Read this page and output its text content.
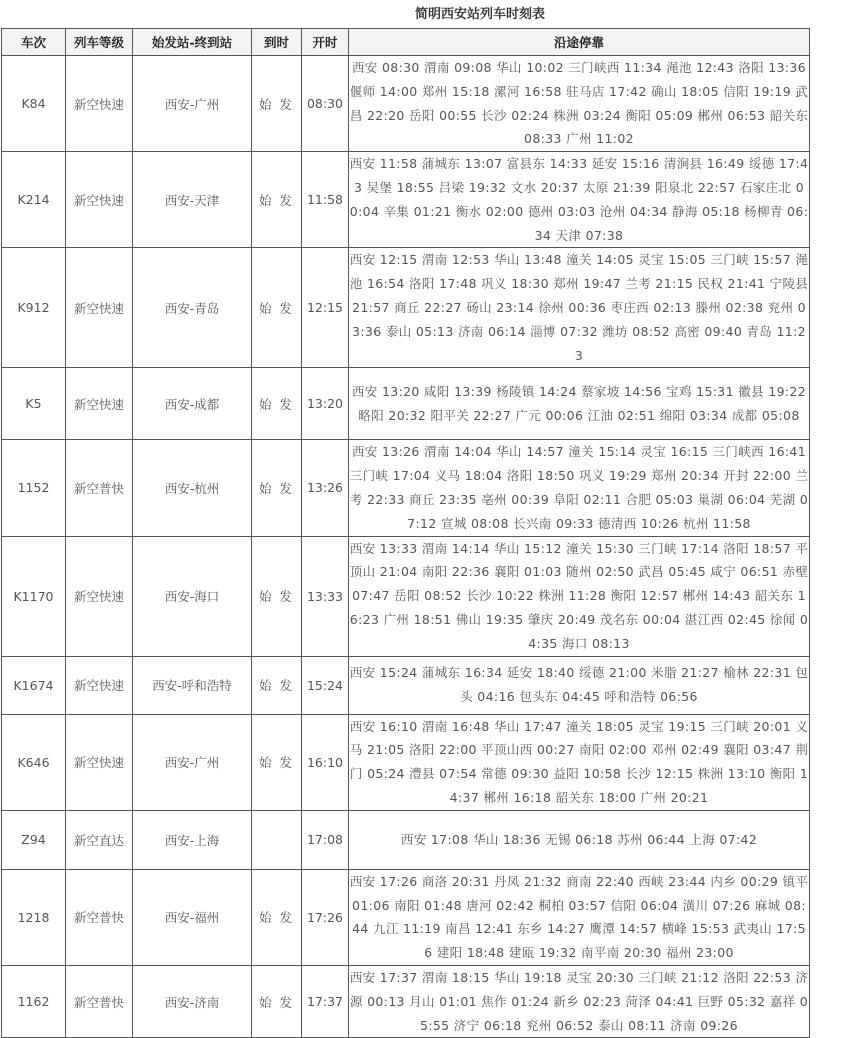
简明西安站列车时刻表
车次	列车等级	始发站-终到站	到时	开时	沿途停靠
K84	新空快速	西安-广州	始 发	08:30	西安 08:30 渭南 09:08 华山 10:02 三门峡西 11:34 渑池 12:43 洛阳 13:36 偃师 14:00 郑州 15:18 漯河 16:58 驻马店 17:42 确山 18:05 信阳 19:19 武昌 22:20 岳阳 00:55 长沙 02:24 株洲 03:24 衡阳 05:09 郴州 06:53 韶关东 08:33 广州 11:02
K214	新空快速	西安-天津	始 发	11:58	西安 11:58 蒲城东 13:07 富县东 14:33 延安 15:16 清涧县 16:49 绥德 17:43 吴堡 18:55 吕梁 19:32 文水 20:37 太原 21:39 阳泉北 22:57 石家庄北 00:04 辛集 01:21 衡水 02:00 德州 03:03 沧州 04:34 静海 05:18 杨柳青 06:34 天津 07:38
K912	新空快速	西安-青岛	始 发	12:15	西安 12:15 渭南 12:53 华山 13:48 潼关 14:05 灵宝 15:05 三门峡 15:57 渑池 16:54 洛阳 17:48 巩义 18:30 郑州 19:47 兰考 21:15 民权 21:41 宁陵县 21:57 商丘 22:27 砀山 23:14 徐州 00:36 枣庄西 02:13 滕州 02:38 兖州 03:36 泰山 05:13 济南 06:14 淄博 07:32 潍坊 08:52 高密 09:40 青岛 11:23
K5	新空快速	西安-成都	始 发	13:20	西安 13:20 咸阳 13:39 杨陵镇 14:24 蔡家坡 14:56 宝鸡 15:31 徽县 19:22 略阳 20:32 阳平关 22:27 广元 00:06 江油 02:51 绵阳 03:34 成都 05:08
1152	新空普快	西安-杭州	始 发	13:26	西安 13:26 渭南 14:04 华山 14:57 潼关 15:14 灵宝 16:15 三门峡西 16:41 三门峡 17:04 义马 18:04 洛阳 18:50 巩义 19:29 郑州 20:34 开封 22:00 兰考 22:33 商丘 23:35 亳州 00:39 阜阳 02:11 合肥 05:03 巢湖 06:04 芜湖 07:12 宣城 08:08 长兴南 09:33 德清西 10:26 杭州 11:58
K1170	新空快速	西安-海口	始 发	13:33	西安 13:33 渭南 14:14 华山 15:12 潼关 15:30 三门峡 17:14 洛阳 18:57 平顶山 21:04 南阳 22:36 襄阳 01:03 随州 02:50 武昌 05:45 咸宁 06:51 赤壁 07:47 岳阳 08:52 长沙 10:22 株洲 11:28 衡阳 12:57 郴州 14:43 韶关东 16:23 广州 18:51 佛山 19:35 肇庆 20:49 茂名东 00:04 湛江西 02:45 徐闻 04:35 海口 08:13
K1674	新空快速	西安-呼和浩特	始 发	15:24	西安 15:24 蒲城东 16:34 延安 18:40 绥德 21:00 米脂 21:27 榆林 22:31 包头 04:16 包头东 04:45 呼和浩特 06:56
K646	新空快速	西安-广州	始 发	16:10	西安 16:10 渭南 16:48 华山 17:47 潼关 18:05 灵宝 19:15 三门峡 20:01 义马 21:05 洛阳 22:00 平顶山西 00:27 南阳 02:00 邓州 02:49 襄阳 03:47 荆门 05:24 澧县 07:54 常德 09:30 益阳 10:58 长沙 12:15 株洲 13:10 衡阳 14:37 郴州 16:18 韶关东 18:00 广州 20:21
Z94	新空直达	西安-上海		17:08	西安 17:08 华山 18:36 无锡 06:18 苏州 06:44 上海 07:42
1218	新空普快	西安-福州	始 发	17:26	西安 17:26 商洛 20:31 丹凤 21:32 商南 22:40 西峡 23:44 内乡 00:29 镇平 01:06 南阳 01:48 唐河 02:42 桐柏 03:57 信阳 06:04 潢川 07:26 麻城 08:44 九江 11:19 南昌 12:41 东乡 14:27 鹰潭 14:57 横峰 15:53 武夷山 17:56 建阳 18:48 建瓯 19:32 南平南 20:30 福州 23:00
1162	新空普快	西安-济南	始 发	17:37	西安 17:37 渭南 18:15 华山 19:18 灵宝 20:30 三门峡 21:12 洛阳 22:53 济源 00:13 月山 01:01 焦作 01:24 新乡 02:23 菏泽 04:41 巨野 05:32 嘉祥 05:55 济宁 06:18 兖州 06:52 泰山 08:11 济南 09:26
